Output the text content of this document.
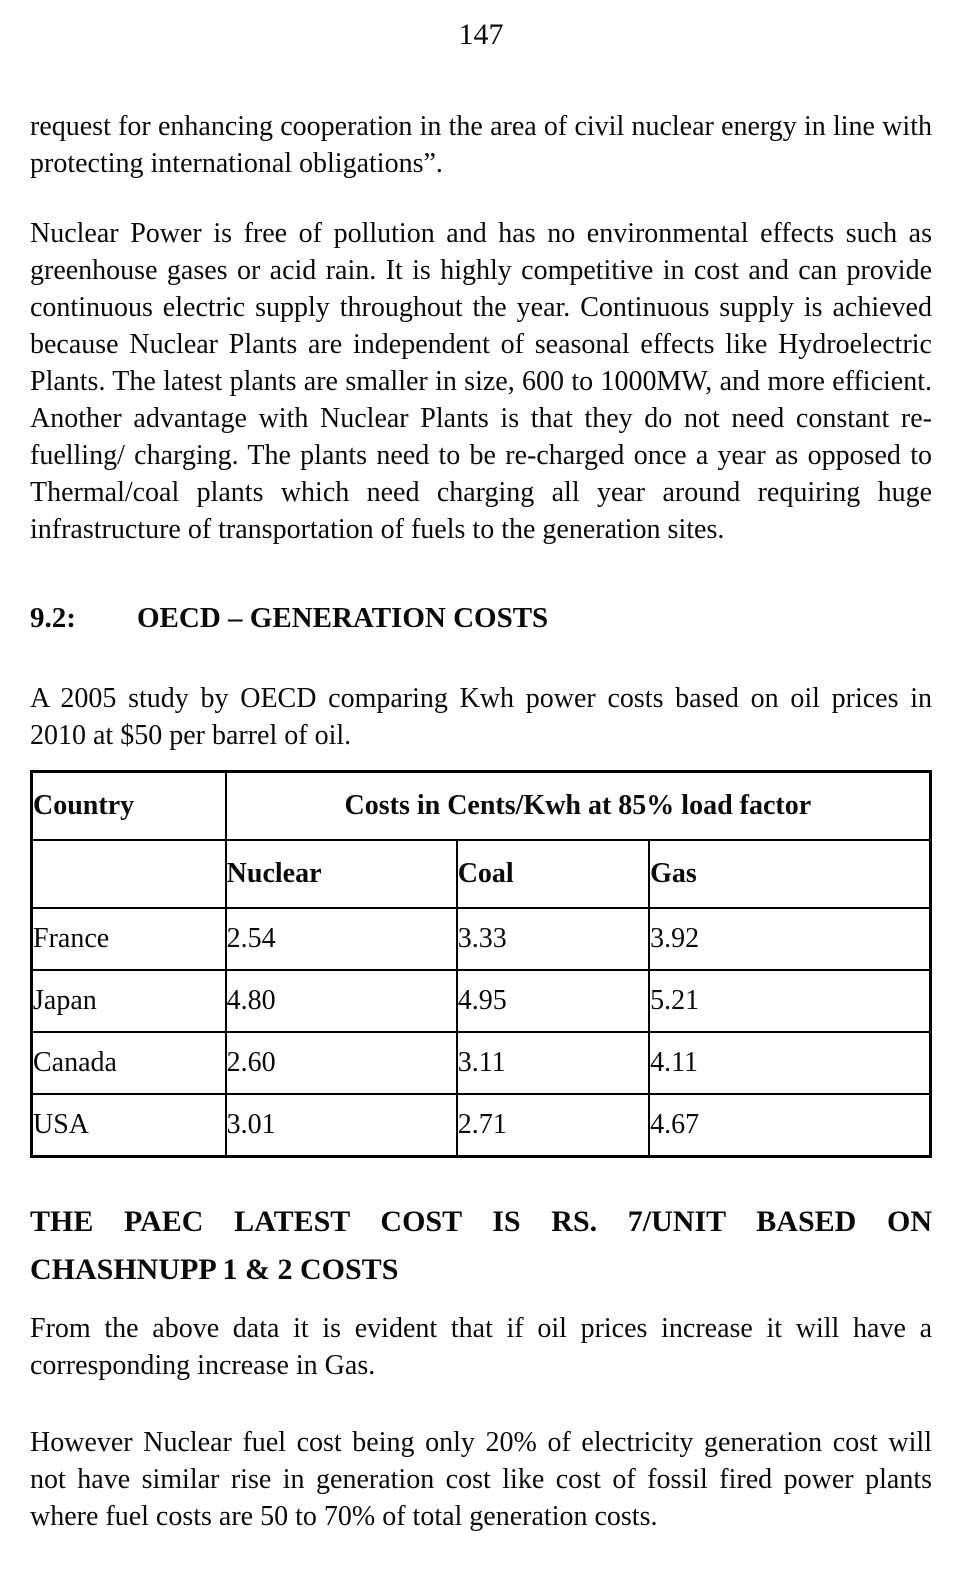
147

request for enhancing cooperation in the area of civil nuclear energy in line with protecting international obligations”.

Nuclear Power is free of pollution and has no environmental effects such as greenhouse gases or acid rain. It is highly competitive in cost and can provide continuous electric supply throughout the year. Continuous supply is achieved because Nuclear Plants are independent of seasonal effects like Hydroelectric Plants. The latest plants are smaller in size, 600 to 1000MW, and more efficient. Another advantage with Nuclear Plants is that they do not need constant re-fuelling/ charging. The plants need to be re-charged once a year as opposed to Thermal/coal plants which need charging all year around requiring huge infrastructure of transportation of fuels to the generation sites.

9.2:	OECD – GENERATION COSTS

A 2005 study by OECD comparing Kwh power costs based on oil prices in 2010 at $50 per barrel of oil.

Country	Costs in Cents/Kwh at 85% load factor		
	Nuclear	Coal	Gas
France	2.54	3.33	3.92
Japan	4.80	4.95	5.21
Canada	2.60	3.11	4.11
USA	3.01	2.71	4.67
THE PAEC LATEST COST IS RS. 7/UNIT BASED ON
CHASHNUPP 1 & 2 COSTS

From the above data it is evident that if oil prices increase it will have a corresponding increase in Gas.

However Nuclear fuel cost being only 20% of electricity generation cost will not have similar rise in generation cost like cost of fossil fired power plants where fuel costs are 50 to 70% of total generation costs.
